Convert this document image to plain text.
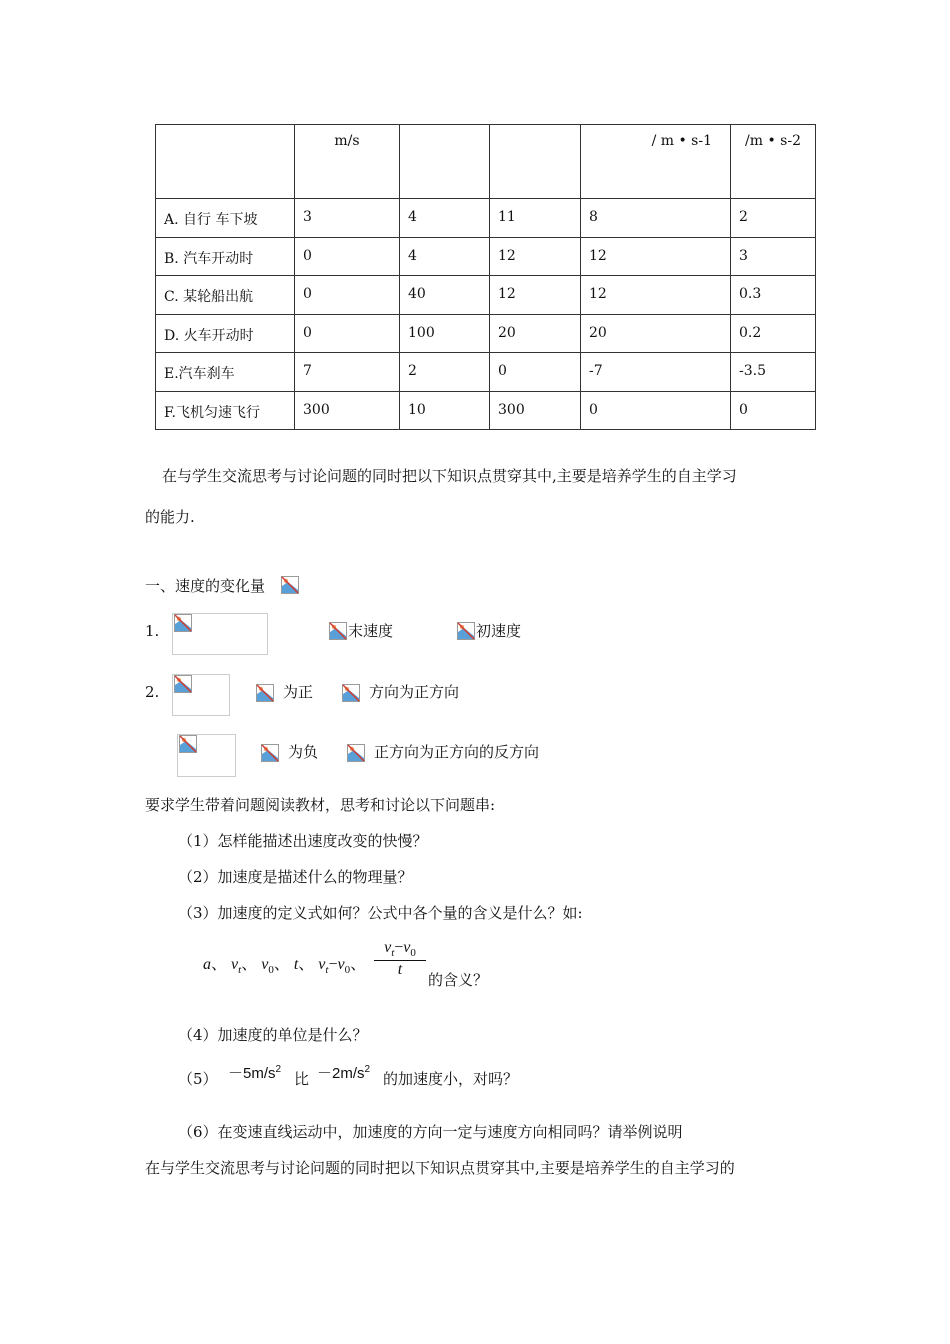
	m/s			/ m • s-1	/m • s-2
A. 自行 车下坡	3	4	11	8	2
B. 汽车开动时	0	4	12	12	3
C. 某轮船出航	0	40	12	12	0.3
D. 火车开动时	0	100	20	20	0.2
E.汽车刹车	7	2	0	-7	-3.5
F.飞机匀速飞行	300	10	300	0	0
在与学生交流思考与讨论问题的同时把以下知识点贯穿其中,主要是培养学生的自主学习
的能力.
一、速度的变化量
1.	末速度	初速度
2.	为正	方向为正方向
为负	正方向为正方向的反方向
要求学生带着问题阅读教材，思考和讨论以下问题串:
（1）怎样能描述出速度改变的快慢？
（2）加速度是描述什么的物理量？
（3）加速度的定义式如何？公式中各个量的含义是什么？如:
a、 $v_t$、 $v_0$、 t、 $v_t-v_0$、
$v_t-v_0$
t
的含义？
（4）加速度的单位是什么？
$(5) -5m/s^2$
比 $-2m/s^2$
的加速度小，对吗？
（6）在变速直线运动中，加速度的方向一定与速度方向相同吗？请举例说明
在与学生交流思考与讨论问题的同时把以下知识点贯穿其中,主要是培养学生的自主学习的
